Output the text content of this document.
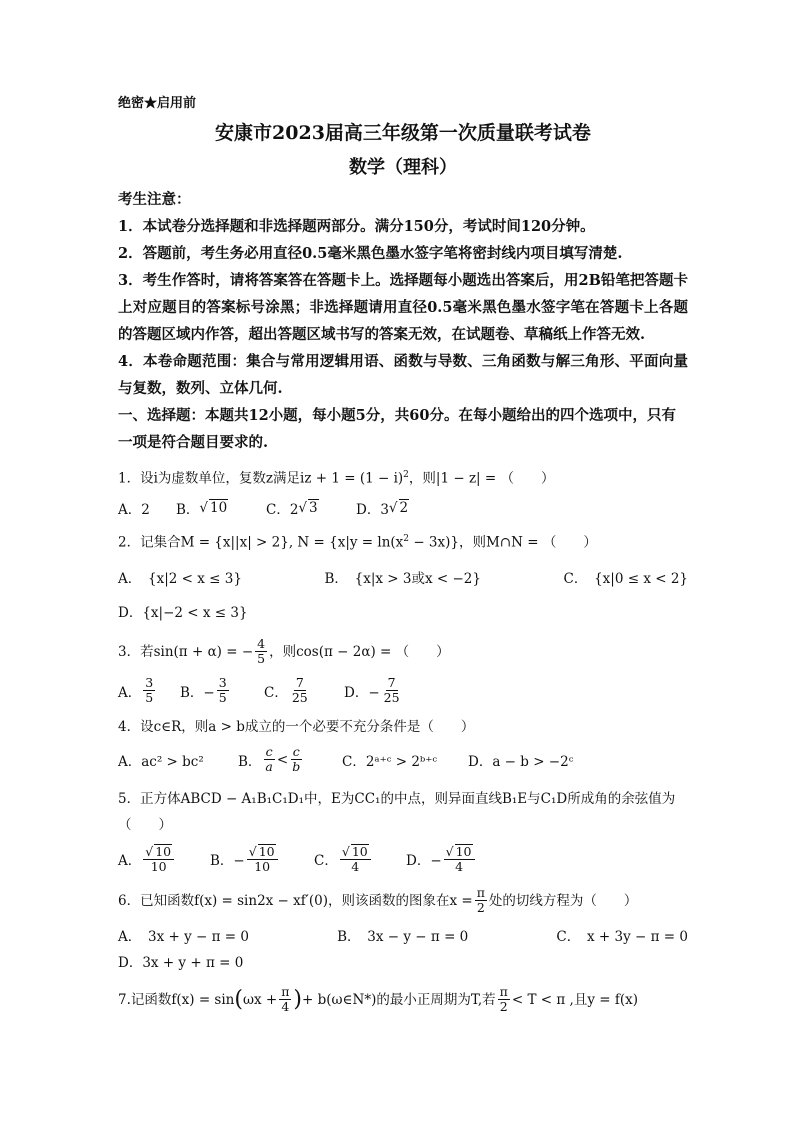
绝密★启用前
安康市2023届高三年级第一次质量联考试卷
数学（理科）
考生注意：
1．本试卷分选择题和非选择题两部分。满分150分，考试时间120分钟。
2．答题前，考生务必用直径0.5毫米黑色墨水签字笔将密封线内项目填写清楚.
3．考生作答时，请将答案答在答题卡上。选择题每小题选出答案后，用2B铅笔把答题卡上对应题目的答案标号涂黑；非选择题请用直径0.5毫米黑色墨水签字笔在答题卡上各题的答题区域内作答，超出答题区域书写的答案无效，在试题卷、草稿纸上作答无效.
4．本卷命题范围：集合与常用逻辑用语、函数与导数、三角函数与解三角形、平面向量与复数，数列、立体几何.
一、选择题：本题共12小题，每小题5分，共60分。在每小题给出的四个选项中，只有一项是符合题目要求的.
1．设i为虚数单位，复数z满足iz + $1 = (1 - i)^2$，则|1 − z| = （　　）
A．2	B． √ 10	C．2 √ 3	D．3 √ 2
2．记集合M = {x||x| > 2}, $N = \{x|y = \ln(x^2 - 3x)\}$，则M∩N = （　　）
A．　{x|2 < x ≤ 3}	B．　{x|x > 3或x < −2}	C．　{x|0 ≤ x < 2}
D．{x|−2 < x ≤ 3}
3．若sin(π + α) = − $\frac{4}{5}$ ，则cos(π − 2α) = （　　）
A． $\frac{3}{5}$ B．− $\frac{3}{5}$	C． $\frac{7}{25}$	D．− $\frac{7}{25}$
4．设c∈R，则a > b成立的一个必要不充分条件是（　　）
A．ac² > bc²	B． $\frac{c}{a} < \frac{c}{b}$	C．2ᵃ⁺ᶜ > 2ᵇ⁺ᶜ	D．a − b > −2ᶜ
5．正方体ABCD − A₁B₁C₁D₁中，E为CC₁的中点，则异面直线B₁E与C₁D所成角的余弦值为（　　）
A． $\frac{√ 10}{10}$	B．− $\frac{√ 10}{10}$	C． $\frac{√ 10}{4}$	D．− $\frac{√ 10}{4}$
6．已知函数f(x) = sin2x − xf′(0)，则该函数的图象在$x = \frac{\pi}{2}$ 处的切线方程为（　　）
A．　3x + y − π = 0	B．　3x − y − π = 0	C．　x + 3y − π = 0
D．3x + y + π = 0
7.记函数f(x) = sin ( $\omega x + \frac{\pi}{4}$ ) + b(ω∈N*)的最小正周期为T,若 $\frac{\pi}{2} < T < \pi$ ,且y = f(x)
